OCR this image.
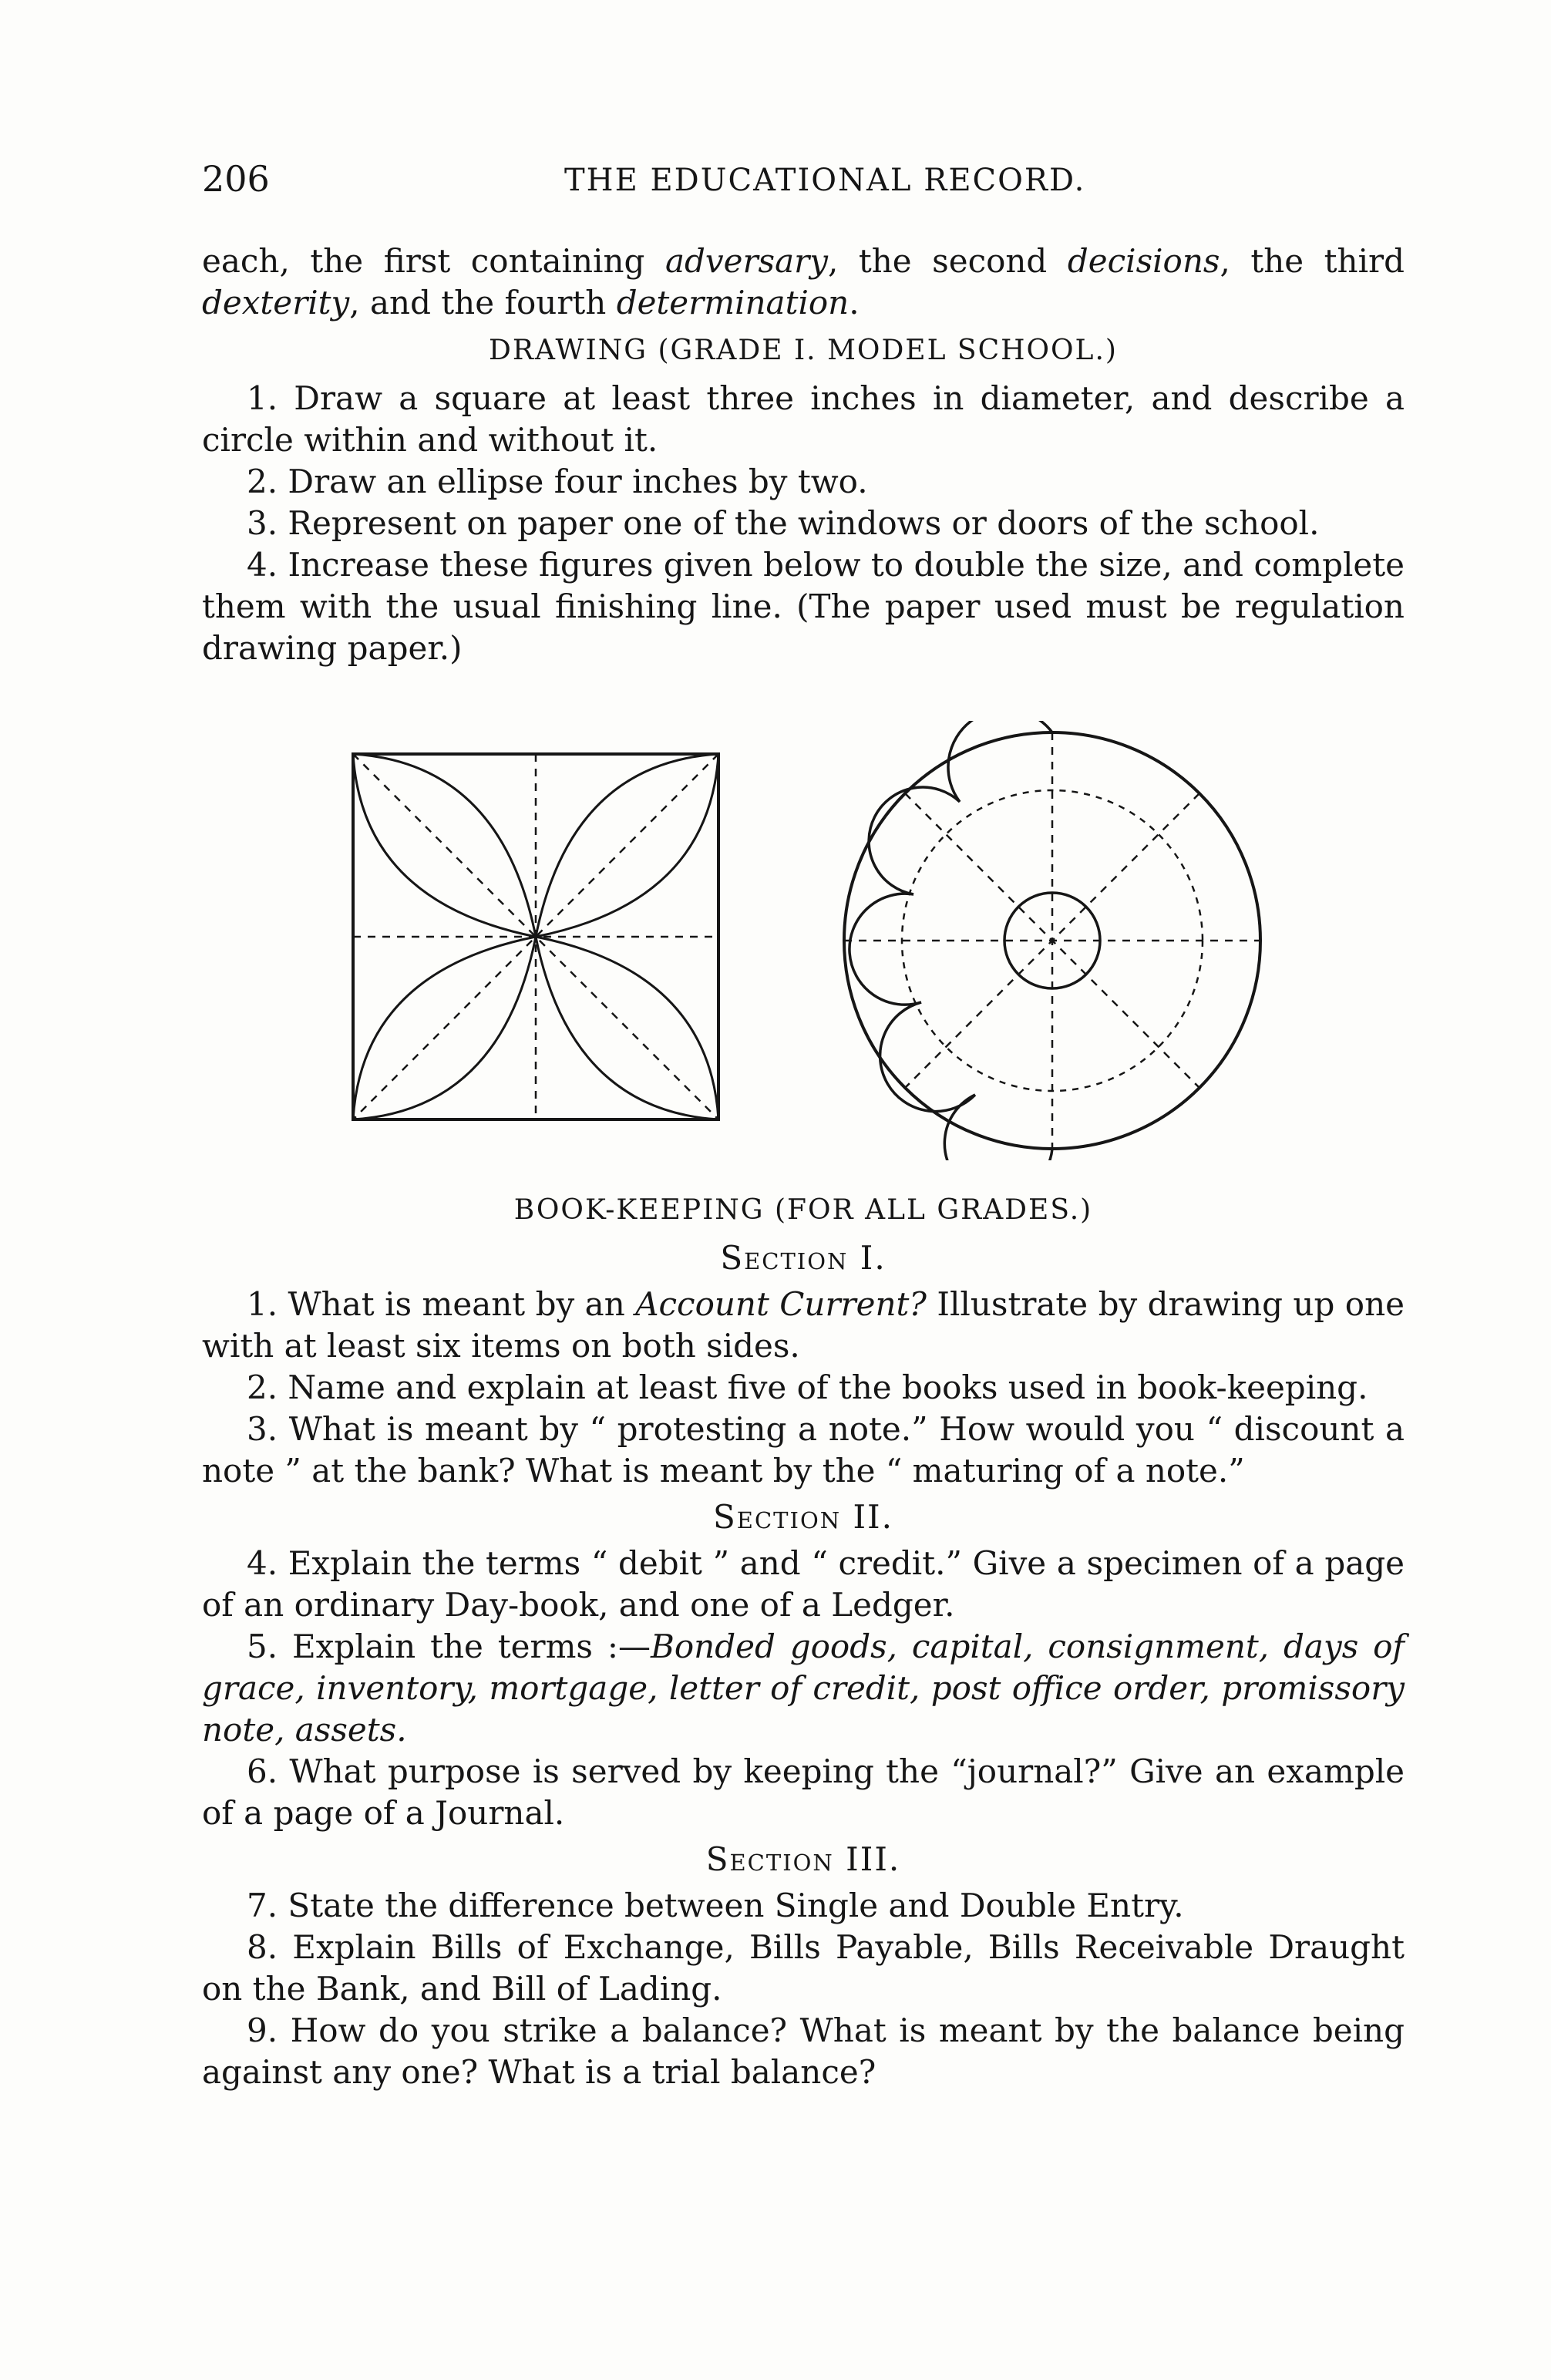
206	THE EDUCATIONAL RECORD.

each, the first containing adversary, the second decisions, the third dexterity, and the fourth determination.

DRAWING (GRADE I. MODEL SCHOOL.)

1. Draw a square at least three inches in diameter, and describe a circle within and without it.

2. Draw an ellipse four inches by two.

3. Represent on paper one of the windows or doors of the school.

4. Increase these figures given below to double the size, and complete them with the usual finishing line. (The paper used must be regulation drawing paper.)

BOOK-KEEPING (FOR ALL GRADES.)
Section I.

1. What is meant by an Account Current? Illustrate by drawing up one with at least six items on both sides.

2. Name and explain at least five of the books used in book-keeping.

3. What is meant by “ protesting a note.” How would you “ discount a note ” at the bank? What is meant by the “ maturing of a note.”

Section II.

4. Explain the terms “ debit ” and “ credit.” Give a specimen of a page of an ordinary Day-book, and one of a Ledger.

5. Explain the terms :—Bonded goods, capital, consignment, days of grace, inventory, mortgage, letter of credit, post office order, promissory note, assets.

6. What purpose is served by keeping the “journal?” Give an example of a page of a Journal.

Section III.

7. State the difference between Single and Double Entry.

8. Explain Bills of Exchange, Bills Payable, Bills Receivable Draught on the Bank, and Bill of Lading.

9. How do you strike a balance? What is meant by the balance being against any one? What is a trial balance?
